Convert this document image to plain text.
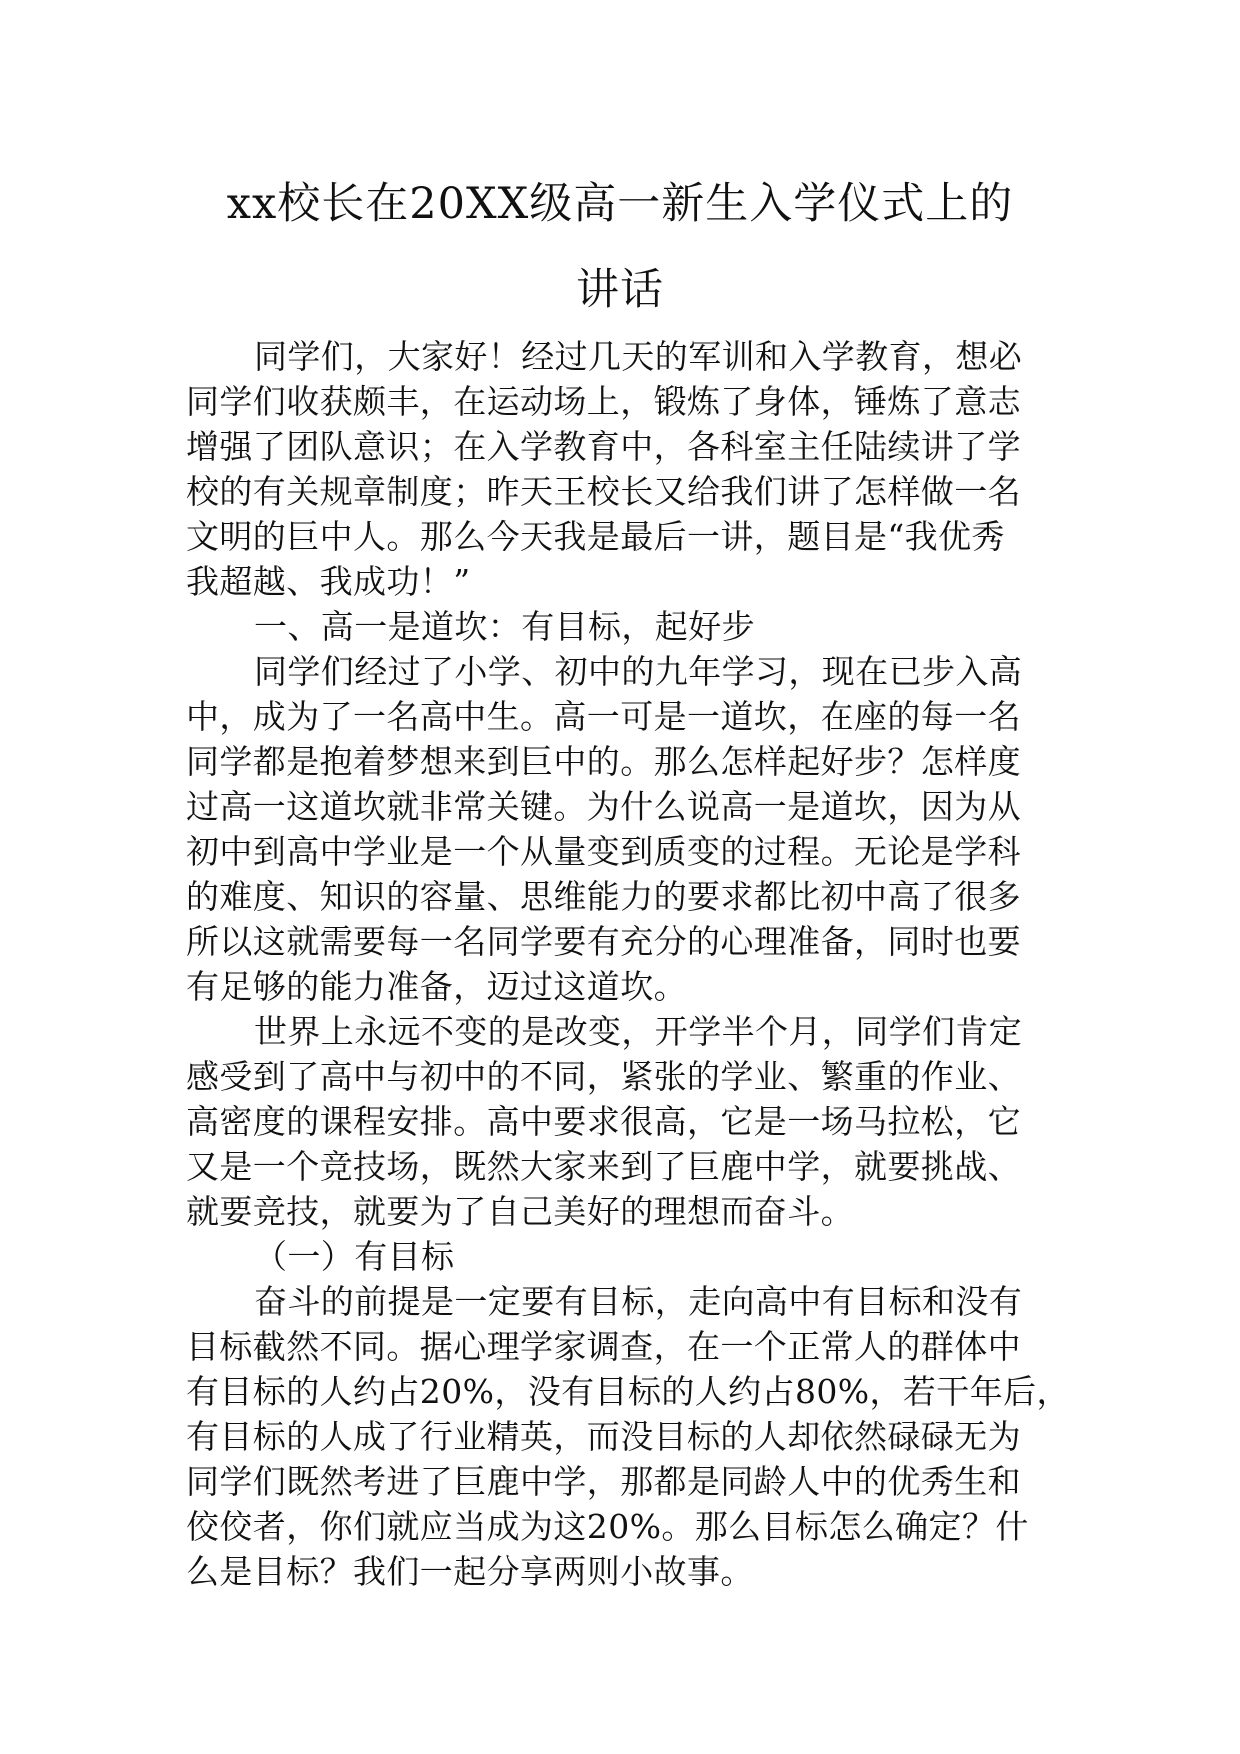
xx校长在20XX级高一新生入学仪式上的
讲话
同学们，大家好！经过几天的军训和入学教育，想必
同学们收获颇丰，在运动场上，锻炼了身体，锤炼了意志
增强了团队意识；在入学教育中，各科室主任陆续讲了学
校的有关规章制度；昨天王校长又给我们讲了怎样做一名
文明的巨中人。那么今天我是最后一讲，题目是“我优秀
我超越、我成功！”
一、高一是道坎：有目标，起好步
同学们经过了小学、初中的九年学习，现在已步入高
中，成为了一名高中生。高一可是一道坎，在座的每一名
同学都是抱着梦想来到巨中的。那么怎样起好步？怎样度
过高一这道坎就非常关键。为什么说高一是道坎，因为从
初中到高中学业是一个从量变到质变的过程。无论是学科
的难度、知识的容量、思维能力的要求都比初中高了很多
所以这就需要每一名同学要有充分的心理准备，同时也要
有足够的能力准备，迈过这道坎。
世界上永远不变的是改变，开学半个月，同学们肯定
感受到了高中与初中的不同，紧张的学业、繁重的作业、
高密度的课程安排。高中要求很高，它是一场马拉松，它
又是一个竞技场，既然大家来到了巨鹿中学，就要挑战、
就要竞技，就要为了自己美好的理想而奋斗。
（一）有目标
奋斗的前提是一定要有目标，走向高中有目标和没有
目标截然不同。据心理学家调查，在一个正常人的群体中
有目标的人约占20%，没有目标的人约占80%，若干年后，
有目标的人成了行业精英，而没目标的人却依然碌碌无为
同学们既然考进了巨鹿中学，那都是同龄人中的优秀生和
佼佼者，你们就应当成为这20%。那么目标怎么确定？什
么是目标？我们一起分享两则小故事。
